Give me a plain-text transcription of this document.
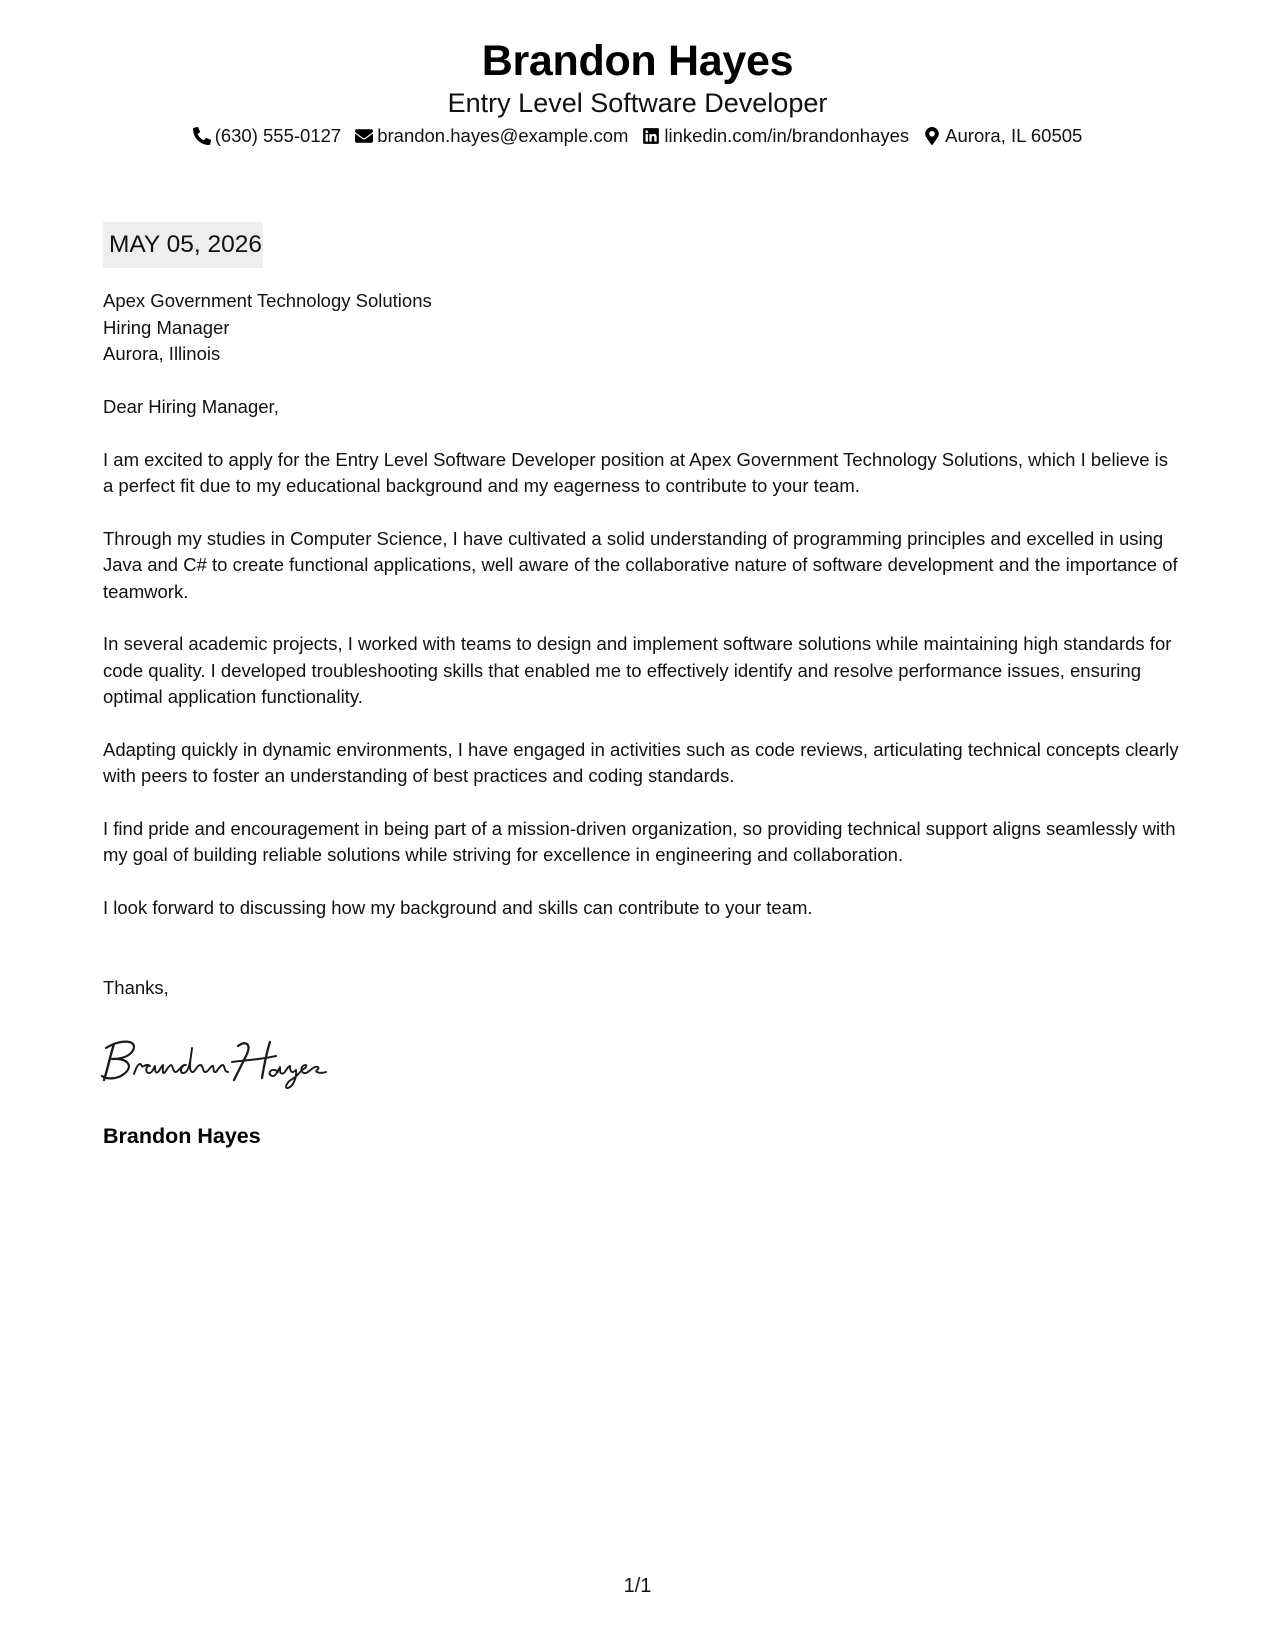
Brandon Hayes
Entry Level Software Developer
(630) 555-0127 brandon.hayes@example.com linkedin.com/in/brandonhayes Aurora, IL 60505
MAY 05, 2026
Apex Government Technology Solutions
Hiring Manager
Aurora, Illinois

Dear Hiring Manager,

I am excited to apply for the Entry Level Software Developer position at Apex Government Technology Solutions, which I believe is a perfect fit due to my educational background and my eagerness to contribute to your team.

Through my studies in Computer Science, I have cultivated a solid understanding of programming principles and excelled in using Java and C# to create functional applications, well aware of the collaborative nature of software development and the importance of teamwork.

In several academic projects, I worked with teams to design and implement software solutions while maintaining high standards for code quality. I developed troubleshooting skills that enabled me to effectively identify and resolve performance issues, ensuring optimal application functionality.

Adapting quickly in dynamic environments, I have engaged in activities such as code reviews, articulating technical concepts clearly with peers to foster an understanding of best practices and coding standards.

I find pride and encouragement in being part of a mission-driven organization, so providing technical support aligns seamlessly with my goal of building reliable solutions while striving for excellence in engineering and collaboration.

I look forward to discussing how my background and skills can contribute to your team.

Thanks,
Brandon Hayes
1/1
